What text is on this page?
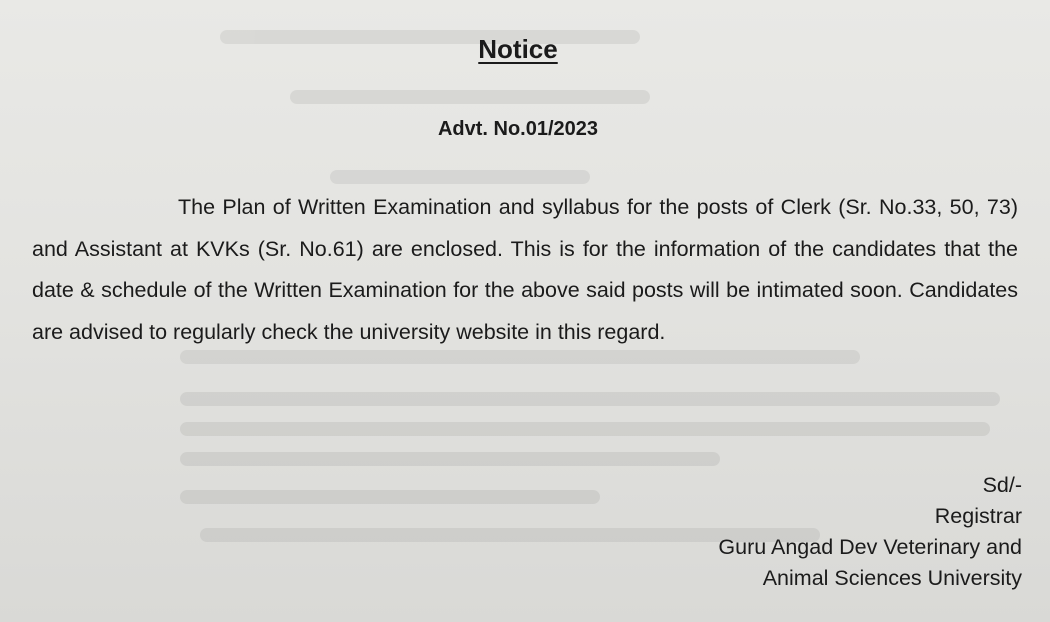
Notice
Advt. No.01/2023

The Plan of Written Examination and syllabus for the posts of Clerk (Sr. No.33, 50, 73) and Assistant at KVKs (Sr. No.61) are enclosed. This is for the information of the candidates that the date & schedule of the Written Examination for the above said posts will be intimated soon. Candidates are advised to regularly check the university website in this regard.

Sd/-
Registrar
Guru Angad Dev Veterinary and
Animal Sciences University
